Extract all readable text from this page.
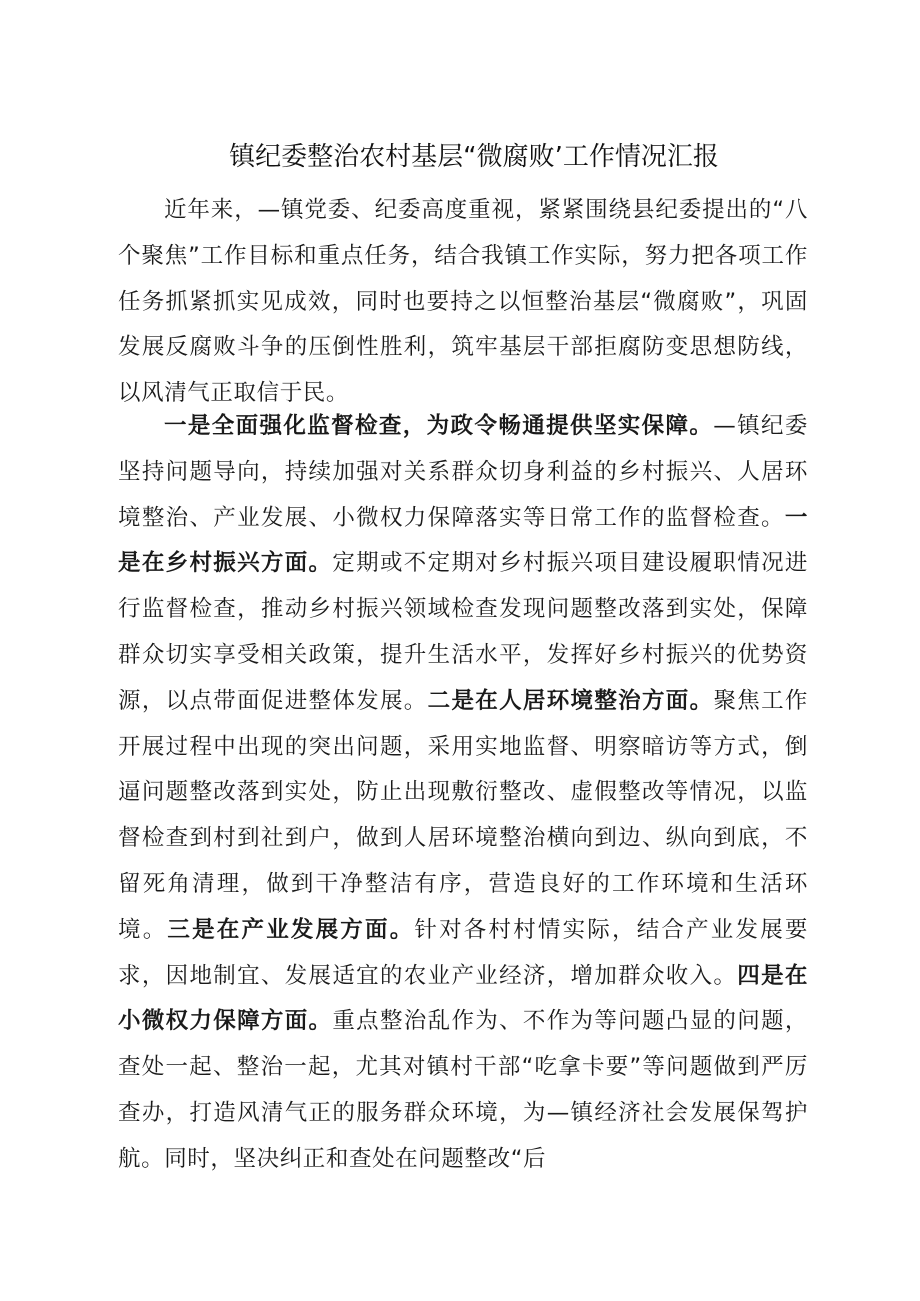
镇纪委整治农村基层“微腐败’工作情况汇报

近年来，—镇党委、纪委高度重视，紧紧围绕县纪委提出的“八个聚焦”工作目标和重点任务，结合我镇工作实际，努力把各项工作任务抓紧抓实见成效，同时也要持之以恒整治基层“微腐败”，巩固发展反腐败斗争的压倒性胜利，筑牢基层干部拒腐防变思想防线，以风清气正取信于民。

一是全面强化监督检查，为政令畅通提供坚实保障。—镇纪委坚持问题导向，持续加强对关系群众切身利益的乡村振兴、人居环境整治、产业发展、小微权力保障落实等日常工作的监督检查。一是在乡村振兴方面。定期或不定期对乡村振兴项目建设履职情况进行监督检查，推动乡村振兴领域检查发现问题整改落到实处，保障群众切实享受相关政策，提升生活水平，发挥好乡村振兴的优势资源，以点带面促进整体发展。二是在人居环境整治方面。聚焦工作开展过程中出现的突出问题，采用实地监督、明察暗访等方式，倒逼问题整改落到实处，防止出现敷衍整改、虚假整改等情况，以监督检查到村到社到户，做到人居环境整治横向到边、纵向到底，不留死角清理，做到干净整洁有序，营造良好的工作环境和生活环境。三是在产业发展方面。针对各村村情实际，结合产业发展要求，因地制宜、发展适宜的农业产业经济，增加群众收入。四是在小微权力保障方面。重点整治乱作为、不作为等问题凸显的问题，查处一起、整治一起，尤其对镇村干部“吃拿卡要”等问题做到严厉查办，打造风清气正的服务群众环境，为—镇经济社会发展保驾护航。同时，坚决纠正和查处在问题整改“后
